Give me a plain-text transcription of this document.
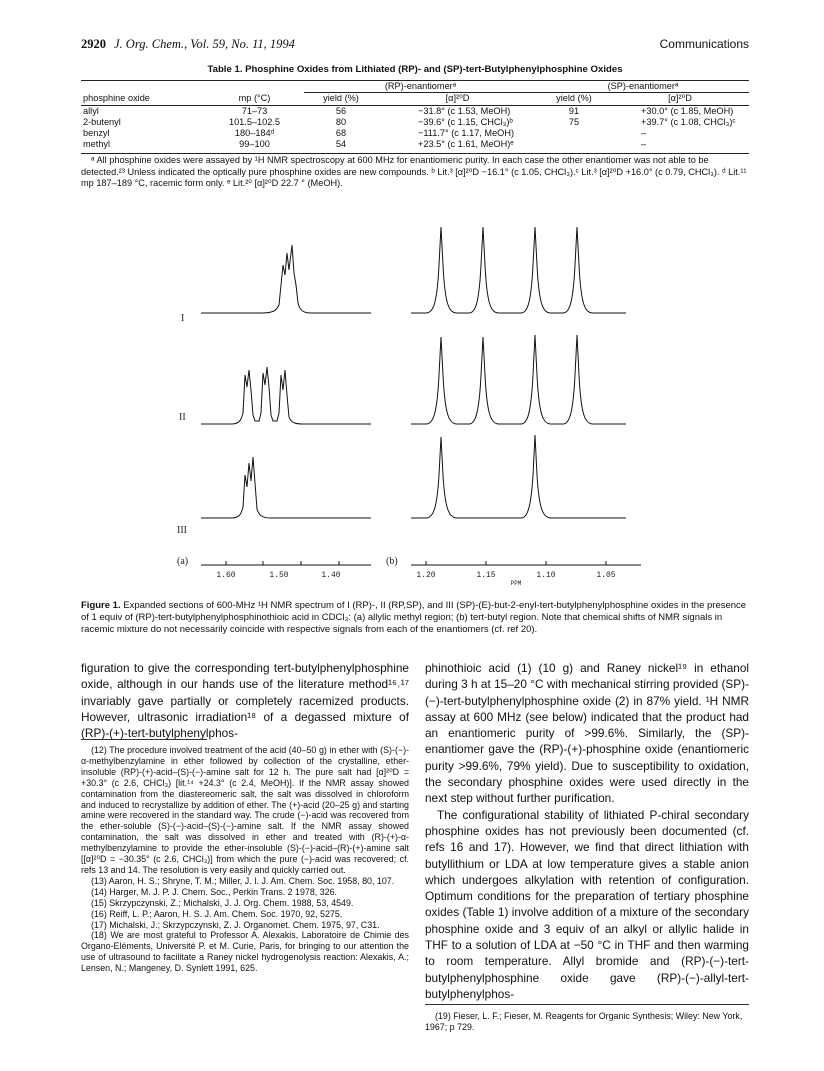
2920 J. Org. Chem., Vol. 59, No. 11, 1994	Communications
Table 1. Phosphine Oxides from Lithiated (RP)- and (SP)-tert-Butylphenylphosphine Oxides

		(RP)-enantiomerᵃ		(SP)-enantiomerᵃ	
phosphine oxide	mp (°C)	yield (%)	[α]²⁰D	yield (%)	[α]²⁰D
allyl	71–73	56	−31.8° (c 1.53, MeOH)	91	+30.0° (c 1.85, MeOH)
2-butenyl	101.5–102.5	80	−39.6° (c 1.15, CHCl₃)ᵇ	75	+39.7° (c 1.08, CHCl₃)ᶜ
benzyl	180–184ᵈ	68	−111.7° (c 1.17, MeOH)		–
methyl	99–100	54	+23.5° (c 1.61, MeOH)ᵉ		–

ᵃ All phosphine oxides were assayed by ¹H NMR spectroscopy at 600 MHz for enantiomeric purity. In each case the other enantiomer was not able to be detected.²³ Unless indicated the optically pure phosphine oxides are new compounds. ᵇ Lit.³ [α]²⁰D −16.1° (c 1.05, CHCl₃).ᶜ Lit.³ [α]²⁰D +16.0° (c 0.79, CHCl₃). ᵈ Lit.¹¹ mp 187–189 °C, racemic form only. ᵉ Lit.²⁰ [α]²⁰D 22.7 ° (MeOH).
I
II
III
(a)	(b)
1.60	1.50	1.40	1.20	1.15	1.10	1.05
PPM
Figure 1. Expanded sections of 600-MHz ¹H NMR spectrum of I (RP)-, II (RP,SP), and III (SP)-(E)-but-2-enyl-tert-butylphenylphosphine oxides in the presence of 1 equiv of (RP)-tert-butylphenylphosphinothioic acid in CDCl₃: (a) allylic methyl region; (b) tert-butyl region. Note that chemical shifts of NMR signals in racemic mixture do not necessarily coincide with respective signals from each of the enantiomers (cf. ref 20).
figuration to give the corresponding tert-butylphenylphosphine oxide, although in our hands use of the literature method¹⁶˒¹⁷ invariably gave partially or completely racemized products. However, ultrasonic irradiation¹⁸ of a degassed mixture of (RP)-(+)-tert-butylphenylphos-

(12) The procedure involved treatment of the acid (40–50 g) in ether with (S)-(−)-α-methylbenzylamine in ether followed by collection of the crystalline, ether-insoluble (RP)-(+)-acid–(S)-(−)-amine salt for 12 h. The pure salt had [α]²⁰D = +30.3° (c 2.6, CHCl₃) [lit.¹⁴ +24.3° (c 2.4, MeOH)]. If the NMR assay showed contamination from the diastereomeric salt, the salt was dissolved in chloroform and induced to recrystallize by addition of ether. The (+)-acid (20–25 g) and starting amine were recovered in the standard way. The crude (−)-acid was recovered from the ether-soluble (S)-(−)-acid–(S)-(−)-amine salt. If the NMR assay showed contamination, the salt was dissolved in ether and treated with (R)-(+)-α-methylbenzylamine to provide the ether-insoluble (S)-(−)-acid–(R)-(+)-amine salt [[α]²⁰D = −30.35° (c 2.6, CHCl₃)] from which the pure (−)-acid was recovered; cf. refs 13 and 14. The resolution is very easily and quickly carried out.

(13) Aaron, H. S.; Shryne, T. M.; Miller, J. I. J. Am. Chem. Soc. 1958, 80, 107.

(14) Harger, M. J. P. J. Chem. Soc., Perkin Trans. 2 1978, 326.

(15) Skrzypczynski, Z.; Michalski, J. J. Org. Chem. 1988, 53, 4549.

(16) Reiff, L. P.; Aaron, H. S. J. Am. Chem. Soc. 1970, 92, 5275.

(17) Michalski, J.; Skrzypczynski, Z. J. Organomet. Chem. 1975, 97, C31.

(18) We are most grateful to Professor A. Alexakis, Laboratoire de Chimie des Organo-Eléments, Université P. et M. Curie, Paris, for bringing to our attention the use of ultrasound to facilitate a Raney nickel hydrogenolysis reaction: Alexakis, A.; Lensen, N.; Mangeney, D. Synlett 1991, 625.

phinothioic acid (1) (10 g) and Raney nickel¹⁹ in ethanol during 3 h at 15–20 °C with mechanical stirring provided (SP)-(−)-tert-butylphenylphosphine oxide (2) in 87% yield. ¹H NMR assay at 600 MHz (see below) indicated that the product had an enantiomeric purity of >99.6%. Similarly, the (SP)-enantiomer gave the (RP)-(+)-phosphine oxide (enantiomeric purity >99.6%, 79% yield). Due to susceptibility to oxidation, the secondary phosphine oxides were used directly in the next step without further purification.

The configurational stability of lithiated P-chiral secondary phosphine oxides has not previously been documented (cf. refs 16 and 17). However, we find that direct lithiation with butyllithium or LDA at low temperature gives a stable anion which undergoes alkylation with retention of configuration. Optimum conditions for the preparation of tertiary phosphine oxides (Table 1) involve addition of a mixture of the secondary phosphine oxide and 3 equiv of an alkyl or allylic halide in THF to a solution of LDA at −50 °C in THF and then warming to room temperature. Allyl bromide and (RP)-(−)-tert-butylphenylphosphine oxide gave (RP)-(−)-allyl-tert-butylphenylphos-

(19) Fieser, L. F.; Fieser, M. Reagents for Organic Synthesis; Wiley: New York, 1967; p 729.
